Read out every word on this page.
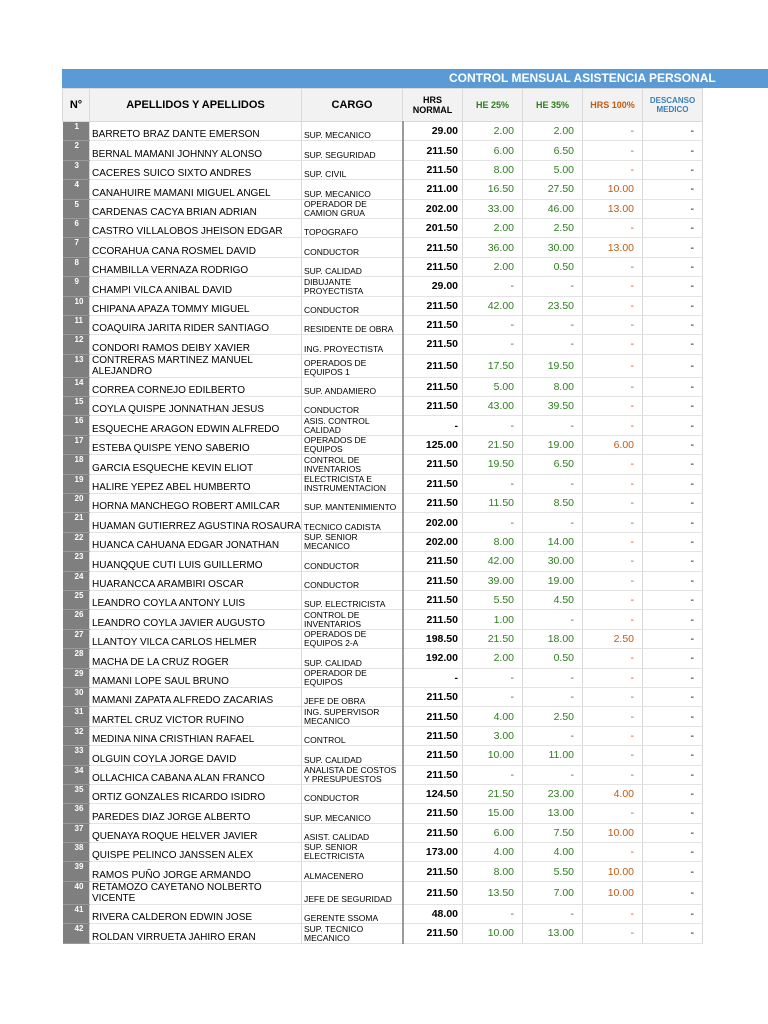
CONTROL MENSUAL ASISTENCIA PERSONAL
N°	APELLIDOS Y APELLIDOS	CARGO	HRS NORMAL	HE 25%	HE 35%	HRS 100%	DESCANSO MEDICO
1	BARRETO BRAZ DANTE EMERSON	SUP. MECANICO	29.00	2.00	2.00	-	-
2	BERNAL MAMANI JOHNNY ALONSO	SUP. SEGURIDAD	211.50	6.00	6.50	-	-
3	CACERES SUICO SIXTO ANDRES	SUP. CIVIL	211.50	8.00	5.00	-	-
4	CANAHUIRE MAMANI MIGUEL ANGEL	SUP. MECANICO	211.00	16.50	27.50	10.00	-
5	CARDENAS CACYA BRIAN ADRIAN	OPERADOR DE CAMION GRUA	202.00	33.00	46.00	13.00	-
6	CASTRO VILLALOBOS JHEISON EDGAR	TOPOGRAFO	201.50	2.00	2.50	-	-
7	CCORAHUA CANA ROSMEL DAVID	CONDUCTOR	211.50	36.00	30.00	13.00	-
8	CHAMBILLA VERNAZA RODRIGO	SUP. CALIDAD	211.50	2.00	0.50	-	-
9	CHAMPI VILCA ANIBAL DAVID	DIBUJANTE PROYECTISTA	29.00	-	-	-	-
10	CHIPANA APAZA TOMMY MIGUEL	CONDUCTOR	211.50	42.00	23.50	-	-
11	COAQUIRA JARITA RIDER SANTIAGO	RESIDENTE DE OBRA	211.50	-	-	-	-
12	CONDORI RAMOS DEIBY XAVIER	ING. PROYECTISTA	211.50	-	-	-	-
13	CONTRERAS MARTINEZ MANUEL ALEJANDRO	OPERADOS DE EQUIPOS 1	211.50	17.50	19.50	-	-
14	CORREA CORNEJO EDILBERTO	SUP. ANDAMIERO	211.50	5.00	8.00	-	-
15	COYLA QUISPE JONNATHAN JESUS	CONDUCTOR	211.50	43.00	39.50	-	-
16	ESQUECHE ARAGON EDWIN ALFREDO	ASIS. CONTROL CALIDAD	-	-	-	-	-
17	ESTEBA QUISPE YENO SABERIO	OPERADOS DE EQUIPOS	125.00	21.50	19.00	6.00	-
18	GARCIA ESQUECHE KEVIN ELIOT	CONTROL DE INVENTARIOS	211.50	19.50	6.50	-	-
19	HALIRE YEPEZ ABEL HUMBERTO	ELECTRICISTA E INSTRUMENTACION	211.50	-	-	-	-
20	HORNA MANCHEGO ROBERT AMILCAR	SUP. MANTENIMIENTO	211.50	11.50	8.50	-	-
21	HUAMAN GUTIERREZ AGUSTINA ROSAURA	TECNICO CADISTA	202.00	-	-	-	-
22	HUANCA CAHUANA EDGAR JONATHAN	SUP. SENIOR MECANICO	202.00	8.00	14.00	-	-
23	HUANQQUE CUTI LUIS GUILLERMO	CONDUCTOR	211.50	42.00	30.00	-	-
24	HUARANCCA ARAMBIRI OSCAR	CONDUCTOR	211.50	39.00	19.00	-	-
25	LEANDRO COYLA ANTONY LUIS	SUP. ELECTRICISTA	211.50	5.50	4.50	-	-
26	LEANDRO COYLA JAVIER AUGUSTO	CONTROL DE INVENTARIOS	211.50	1.00	-	-	-
27	LLANTOY VILCA CARLOS HELMER	OPERADOS DE EQUIPOS 2-A	198.50	21.50	18.00	2.50	-
28	MACHA DE LA CRUZ ROGER	SUP. CALIDAD	192.00	2.00	0.50	-	-
29	MAMANI LOPE SAUL BRUNO	OPERADOR DE EQUIPOS	-	-	-	-	-
30	MAMANI ZAPATA ALFREDO ZACARIAS	JEFE DE OBRA	211.50	-	-	-	-
31	MARTEL CRUZ VICTOR RUFINO	ING. SUPERVISOR MECANICO	211.50	4.00	2.50	-	-
32	MEDINA NINA CRISTHIAN RAFAEL	CONTROL	211.50	3.00	-	-	-
33	OLGUIN COYLA JORGE DAVID	SUP. CALIDAD	211.50	10.00	11.00	-	-
34	OLLACHICA CABANA ALAN FRANCO	ANALISTA DE COSTOS Y PRESUPUESTOS	211.50	-	-	-	-
35	ORTIZ GONZALES RICARDO ISIDRO	CONDUCTOR	124.50	21.50	23.00	4.00	-
36	PAREDES DIAZ JORGE ALBERTO	SUP. MECANICO	211.50	15.00	13.00	-	-
37	QUENAYA ROQUE HELVER JAVIER	ASIST. CALIDAD	211.50	6.00	7.50	10.00	-
38	QUISPE PELINCO JANSSEN ALEX	SUP. SENIOR ELECTRICISTA	173.00	4.00	4.00	-	-
39	RAMOS PUÑO JORGE ARMANDO	ALMACENERO	211.50	8.00	5.50	10.00	-
40	RETAMOZO CAYETANO NOLBERTO VICENTE	JEFE DE SEGURIDAD	211.50	13.50	7.00	10.00	-
41	RIVERA CALDERON EDWIN JOSE	GERENTE SSOMA	48.00	-	-	-	-
42	ROLDAN VIRRUETA JAHIRO ERAN	SUP. TECNICO MECANICO	211.50	10.00	13.00	-	-
